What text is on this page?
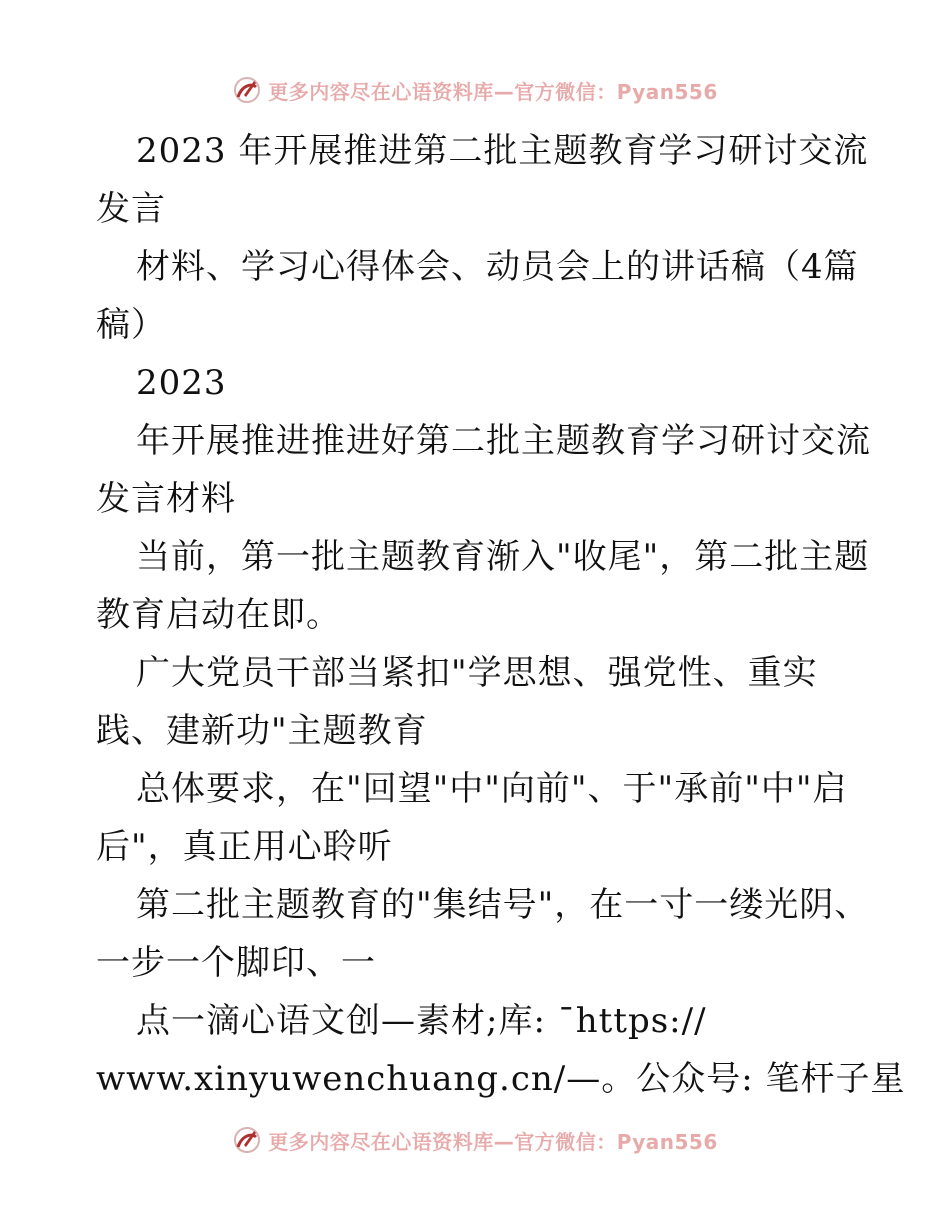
更多内容尽在心语资料库—官方微信：Pyan556
2023 年开展推进第二批主题教育学习研讨交流
发言
材料、学习心得体会、动员会上的讲话稿（4篇
稿）
2023
年开展推进推进好第二批主题教育学习研讨交流
发言材料
当前，第一批主题教育渐入"收尾"，第二批主题
教育启动在即。
广大党员干部当紧扣"学思想、强党性、重实
践、建新功"主题教育
总体要求，在"回望"中"向前"、于"承前"中"启
后"，真正用心聆听
第二批主题教育的"集结号"，在一寸一缕光阴、
一步一个脚印、一
点一滴心语文创—素材;库: ¯https://
www.xinyuwenchuang.cn/—。公众号: 笔杆子星
更多内容尽在心语资料库—官方微信：Pyan556
